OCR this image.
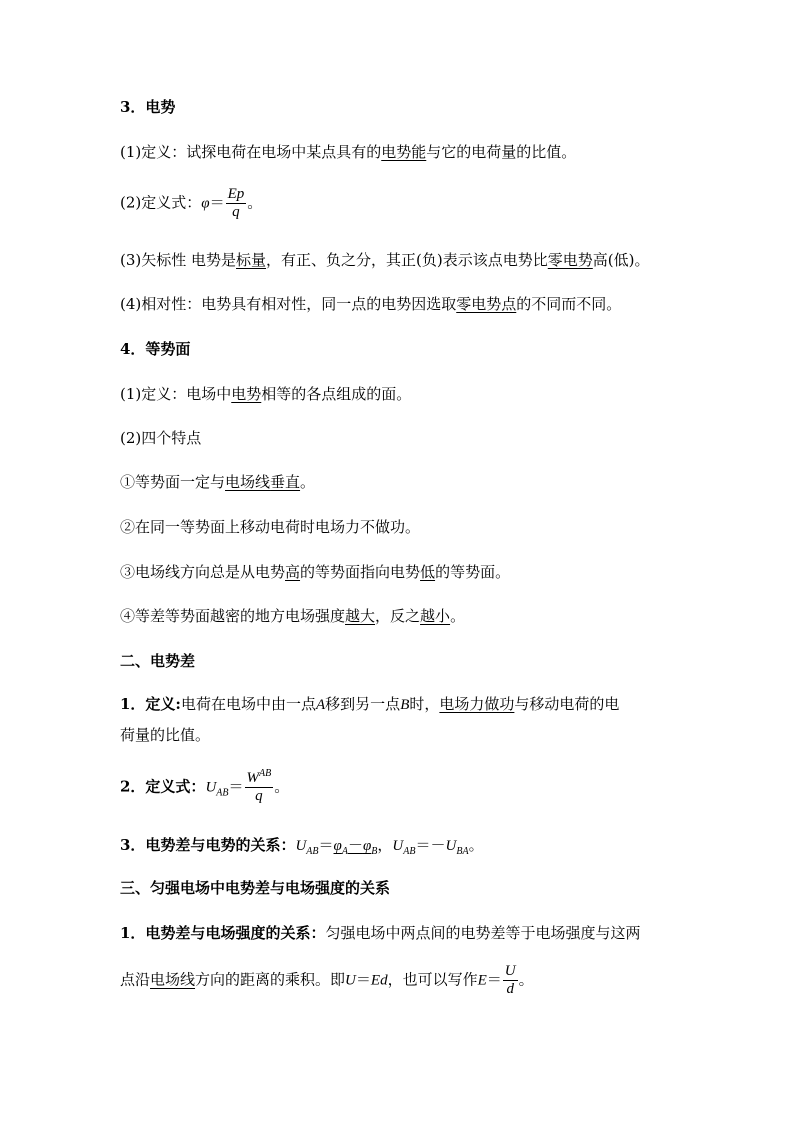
3．电势
(1)定义：试探电荷在电场中某点具有的电势能与它的电荷量的比值。
(2)定义式：$\varphi= \frac{Ep}{q}$ 。
(3)矢标性 电势是标量，有正、负之分，其正(负)表示该点电势比零电势高(低)。
(4)相对性：电势具有相对性，同一点的电势因选取零电势点的不同而不同。
4．等势面
(1)定义：电场中电势相等的各点组成的面。
(2)四个特点
①等势面一定与电场线垂直。
②在同一等势面上移动电荷时电场力不做功。
③电场线方向总是从电势高的等势面指向电势低的等势面。
④等差等势面越密的地方电场强度越大，反之越小。
二、电势差
1．定义:电荷在电场中由一点A移到另一点B时，电场力做功与移动电荷的电
荷量的比值。
2．定义式：$U_{AB}= \frac{W^{AB}}{q}$ 。
3．电势差与电势的关系：$U_{AB}=\varphi_A-\varphi_B$，$U_{AB}=-U_{BA}$。
三、匀强电场中电势差与电场强度的关系
1．电势差与电场强度的关系：匀强电场中两点间的电势差等于电场强度与这两
点沿电场线方向的距离的乘积。即U＝Ed，也可以写作$E= \frac{U}{d}$ 。
